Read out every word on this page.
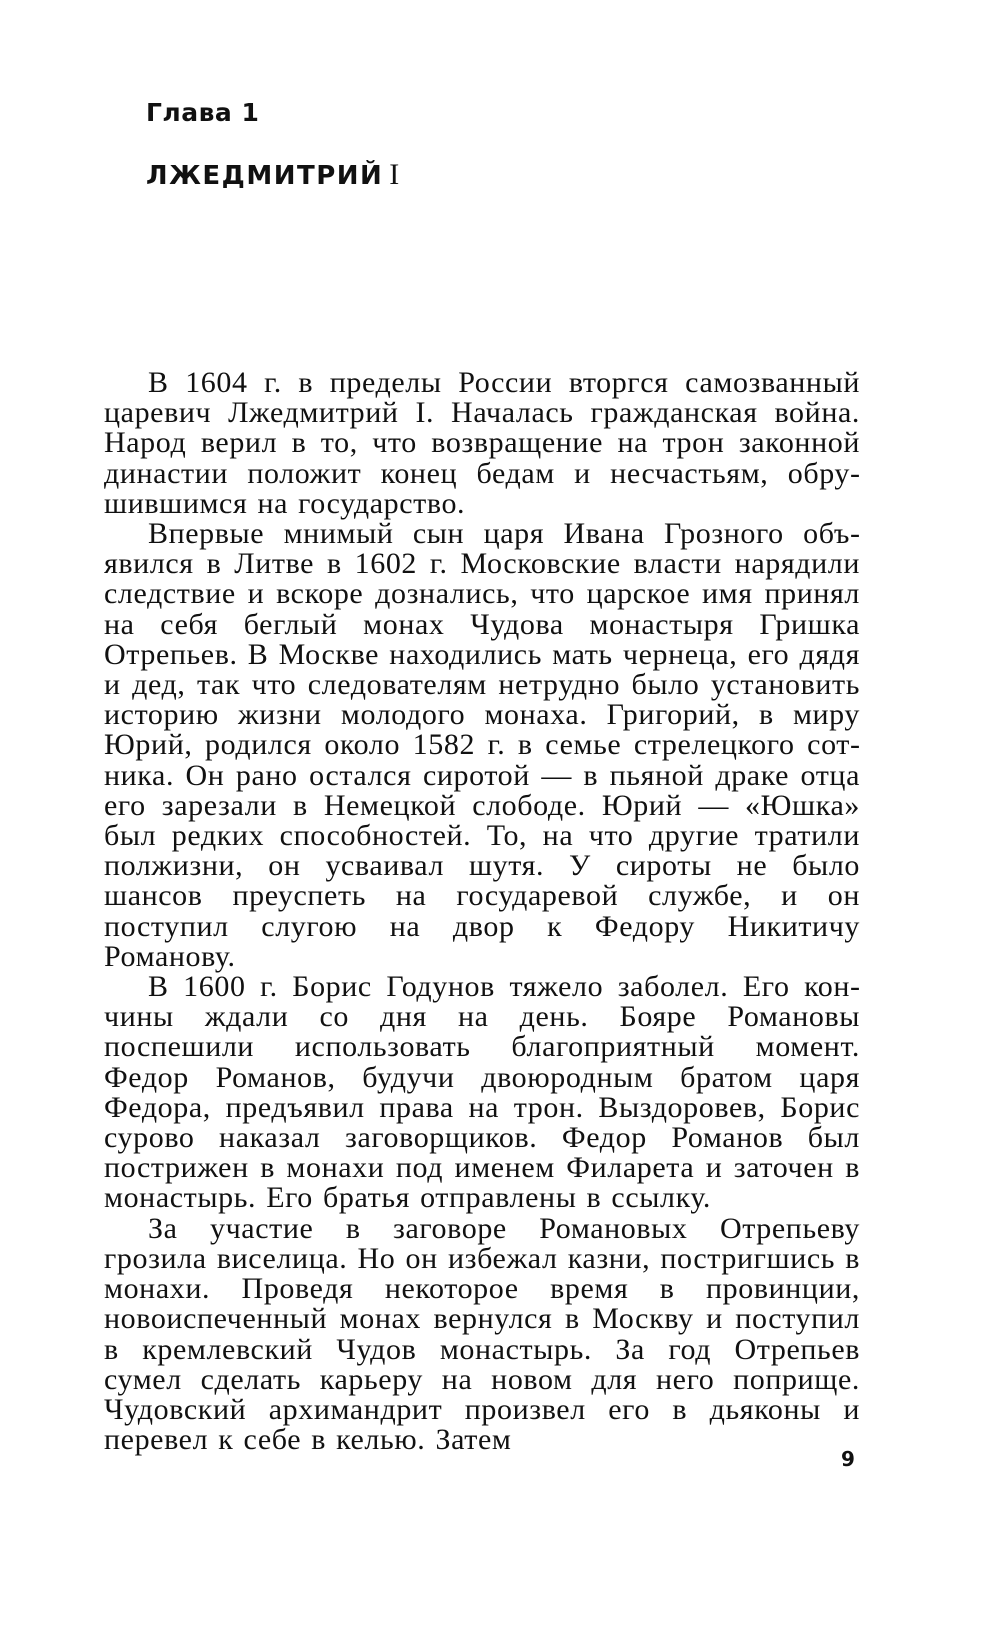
Глава 1
ЛЖЕДМИТРИЙ I

В 1604 г. в пределы России вторгся самозванный царевич Лжедмитрий I. Началась гражданская война. Народ верил в то, что возвращение на трон законной династии положит конец бедам и несчастьям, обрушившимся на государство.

Впервые мнимый сын царя Ивана Грозного объявился в Литве в 1602 г. Московские власти нарядили следствие и вскоре дознались, что царское имя принял на себя беглый монах Чудова монастыря Гришка Отрепьев. В Москве находились мать чернеца, его дядя и дед, так что следователям нетрудно было установить историю жизни молодого монаха. Григорий, в миру Юрий, родился около 1582 г. в семье стрелецкого сотника. Он рано остался сиротой — в пьяной драке отца его зарезали в Немецкой слободе. Юрий — «Юшка» был редких способностей. То, на что другие тратили полжизни, он усваивал шутя. У сироты не было шансов преуспеть на государевой службе, и он поступил слугою на двор к Федору Никитичу Романову.

В 1600 г. Борис Годунов тяжело заболел. Его кончины ждали со дня на день. Бояре Романовы поспешили использовать благоприятный момент. Федор Романов, будучи двоюродным братом царя Федора, предъявил права на трон. Выздоровев, Борис сурово наказал заговорщиков. Федор Романов был пострижен в монахи под именем Филарета и заточен в монастырь. Его братья отправлены в ссылку.

За участие в заговоре Романовых Отрепьеву грозила виселица. Но он избежал казни, постригшись в монахи. Проведя некоторое время в провинции, новоиспеченный монах вернулся в Москву и поступил в кремлевский Чудов монастырь. За год Отрепьев сумел сделать карьеру на новом для него поприще. Чудовский архимандрит произвел его в дьяконы и перевел к себе в келью. Затем

9
